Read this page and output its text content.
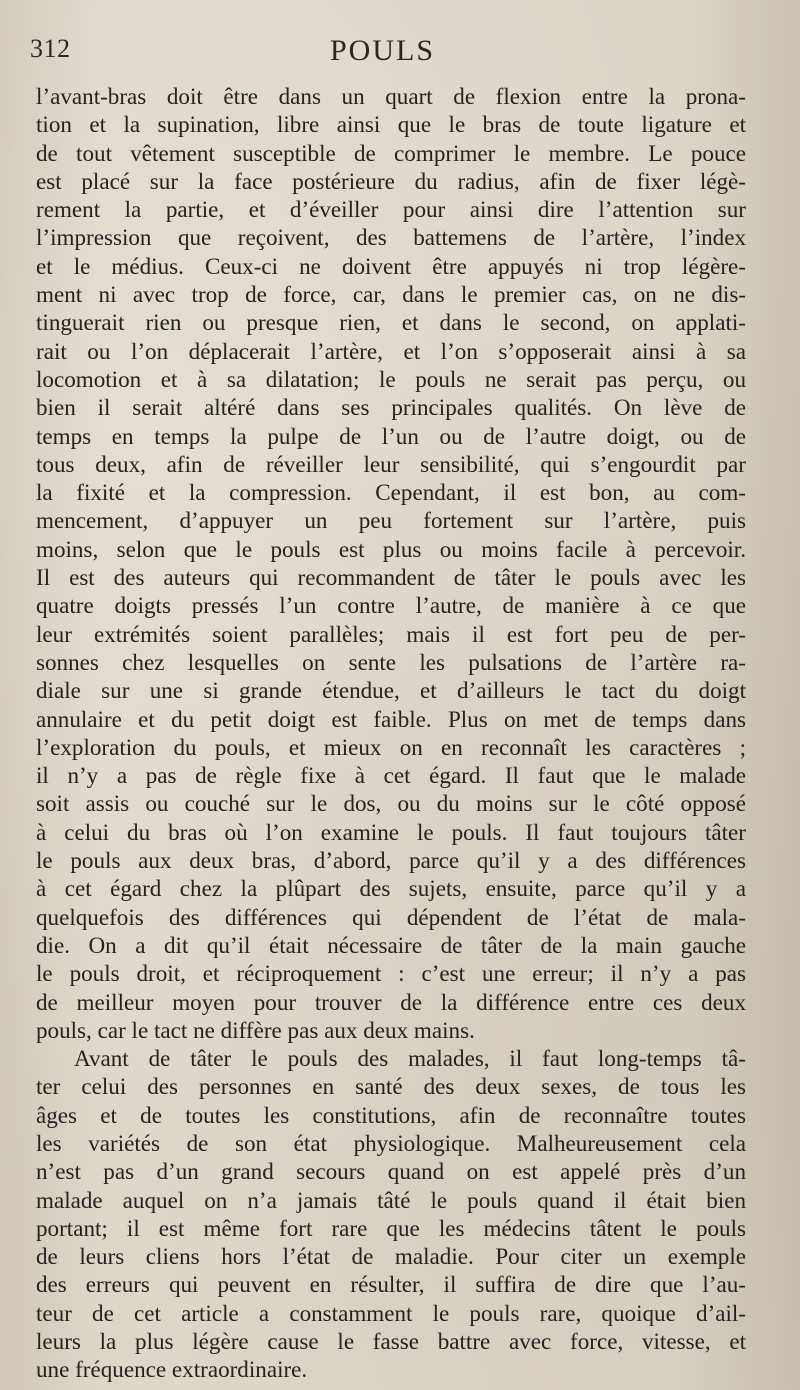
312	POULS
l’avant-bras doit être dans un quart de flexion entre la prona-
tion et la supination, libre ainsi que le bras de toute ligature et
de tout vêtement susceptible de comprimer le membre. Le pouce
est placé sur la face postérieure du radius, afin de fixer légè-
rement la partie, et d’éveiller pour ainsi dire l’attention sur
l’impression que reçoivent, des battemens de l’artère, l’index
et le médius. Ceux-ci ne doivent être appuyés ni trop légère-
ment ni avec trop de force, car, dans le premier cas, on ne dis-
tinguerait rien ou presque rien, et dans le second, on applati-
rait ou l’on déplacerait l’artère, et l’on s’opposerait ainsi à sa
locomotion et à sa dilatation; le pouls ne serait pas perçu, ou
bien il serait altéré dans ses principales qualités. On lève de
temps en temps la pulpe de l’un ou de l’autre doigt, ou de
tous deux, afin de réveiller leur sensibilité, qui s’engourdit par
la fixité et la compression. Cependant, il est bon, au com-
mencement, d’appuyer un peu fortement sur l’artère, puis
moins, selon que le pouls est plus ou moins facile à percevoir.
Il est des auteurs qui recommandent de tâter le pouls avec les
quatre doigts pressés l’un contre l’autre, de manière à ce que
leur extrémités soient parallèles; mais il est fort peu de per-
sonnes chez lesquelles on sente les pulsations de l’artère ra-
diale sur une si grande étendue, et d’ailleurs le tact du doigt
annulaire et du petit doigt est faible. Plus on met de temps dans
l’exploration du pouls, et mieux on en reconnaît les caractères ;
il n’y a pas de règle fixe à cet égard. Il faut que le malade
soit assis ou couché sur le dos, ou du moins sur le côté opposé
à celui du bras où l’on examine le pouls. Il faut toujours tâter
le pouls aux deux bras, d’abord, parce qu’il y a des différences
à cet égard chez la plûpart des sujets, ensuite, parce qu’il y a
quelquefois des différences qui dépendent de l’état de mala-
die. On a dit qu’il était nécessaire de tâter de la main gauche
le pouls droit, et réciproquement : c’est une erreur; il n’y a pas
de meilleur moyen pour trouver de la différence entre ces deux
pouls, car le tact ne diffère pas aux deux mains.
Avant de tâter le pouls des malades, il faut long-temps tâ-
ter celui des personnes en santé des deux sexes, de tous les
âges et de toutes les constitutions, afin de reconnaître toutes
les variétés de son état physiologique. Malheureusement cela
n’est pas d’un grand secours quand on est appelé près d’un
malade auquel on n’a jamais tâté le pouls quand il était bien
portant; il est même fort rare que les médecins tâtent le pouls
de leurs cliens hors l’état de maladie. Pour citer un exemple
des erreurs qui peuvent en résulter, il suffira de dire que l’au-
teur de cet article a constamment le pouls rare, quoique d’ail-
leurs la plus légère cause le fasse battre avec force, vitesse, et
une fréquence extraordinaire.
